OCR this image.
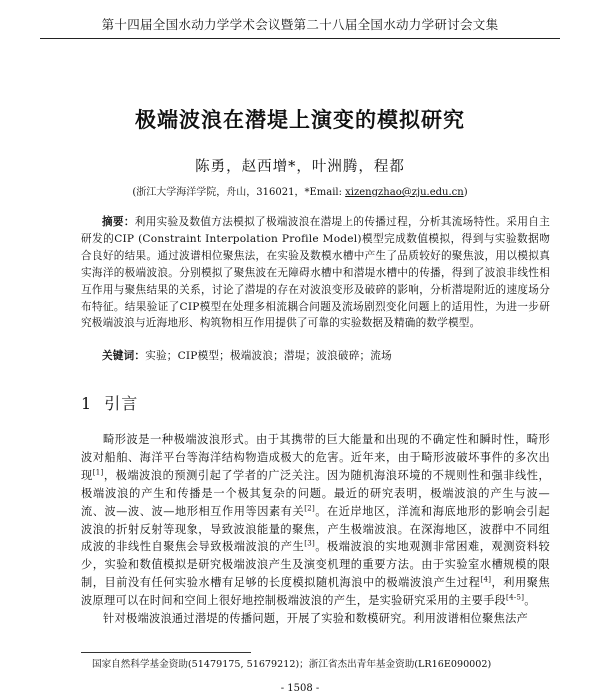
第十四届全国水动力学学术会议暨第二十八届全国水动力学研讨会文集
极端波浪在潜堤上演变的模拟研究
陈勇，赵西增*，叶洲腾，程都
(浙江大学海洋学院，舟山，316021，*Email: xizengzhao@zju.edu.cn)
摘要：利用实验及数值方法模拟了极端波浪在潜堤上的传播过程，分析其流场特性。采用自主研发的CIP (Constraint Interpolation Profile Model)模型完成数值模拟，得到与实验数据吻合良好的结果。通过波谱相位聚焦法，在实验及数模水槽中产生了品质较好的聚焦波，用以模拟真实海洋的极端波浪。分别模拟了聚焦波在无障碍水槽中和潜堤水槽中的传播，得到了波浪非线性相互作用与聚焦结果的关系，讨论了潜堤的存在对波浪变形及破碎的影响，分析潜堤附近的速度场分布特征。结果验证了CIP模型在处理多相流耦合问题及流场剧烈变化问题上的适用性，为进一步研究极端波浪与近海地形、构筑物相互作用提供了可靠的实验数据及精确的数学模型。
关键词：实验；CIP模型；极端波浪；潜堤；波浪破碎；流场
1 引言

畸形波是一种极端波浪形式。由于其携带的巨大能量和出现的不确定性和瞬时性，畸形波对船舶、海洋平台等海洋结构物造成极大的危害。近年来，由于畸形波破坏事件的多次出现[1]，极端波浪的预测引起了学者的广泛关注。因为随机海浪环境的不规则性和强非线性，极端波浪的产生和传播是一个极其复杂的问题。最近的研究表明，极端波浪的产生与波—流、波—波、波—地形相互作用等因素有关[2]。在近岸地区，洋流和海底地形的影响会引起波浪的折射反射等现象，导致波浪能量的聚焦，产生极端波浪。在深海地区，波群中不同组成波的非线性自聚焦会导致极端波浪的产生[3]。极端波浪的实地观测非常困难，观测资料较少，实验和数值模拟是研究极端波浪产生及演变机理的重要方法。由于实验室水槽规模的限制，目前没有任何实验水槽有足够的长度模拟随机海浪中的极端波浪产生过程[4]，利用聚焦波原理可以在时间和空间上很好地控制极端波浪的产生，是实验研究采用的主要手段[4-5]。

针对极端波浪通过潜堤的传播问题，开展了实验和数模研究。利用波谱相位聚焦法产

国家自然科学基金资助(51479175, 51679212)；浙江省杰出青年基金资助(LR16E090002)
- 1508 -
